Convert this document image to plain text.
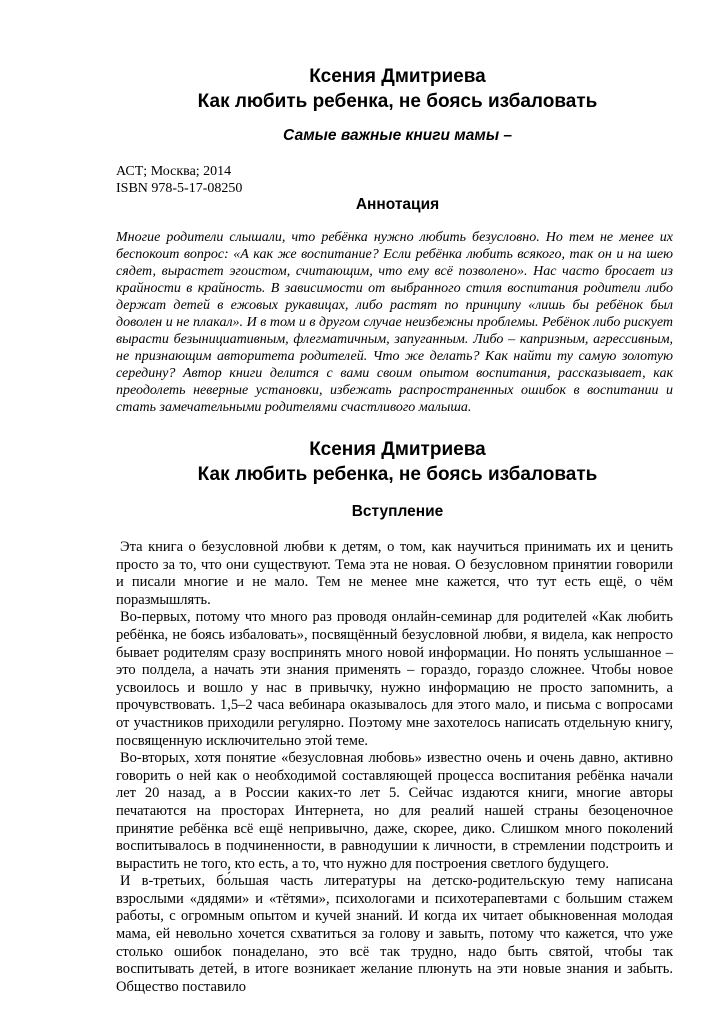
Ксения Дмитриева
Как любить ребенка, не боясь избаловать
Самые важные книги мамы –
АСТ; Москва; 2014
ISBN 978-5-17-08250
Аннотация
Многие родители слышали, что ребёнка нужно любить безусловно. Но тем не менее их беспокоит вопрос: «А как же воспитание? Если ребёнка любить всякого, так он и на шею сядет, вырастет эгоистом, считающим, что ему всё позволено». Нас часто бросает из крайности в крайность. В зависимости от выбранного стиля воспитания родители либо держат детей в ежовых рукавицах, либо растят по принципу «лишь бы ребёнок был доволен и не плакал». И в том и в другом случае неизбежны проблемы. Ребёнок либо рискует вырасти безынициативным, флегматичным, запуганным. Либо – капризным, агрессивным, не признающим авторитета родителей. Что же делать? Как найти ту самую золотую середину? Автор книги делится с вами своим опытом воспитания, рассказывает, как преодолеть неверные установки, избежать распространенных ошибок в воспитании и стать замечательными родителями счастливого малыша.
Ксения Дмитриева
Как любить ребенка, не боясь избаловать
Вступление

Эта книга о безусловной любви к детям, о том, как научиться принимать их и ценить просто за то, что они существуют. Тема эта не новая. О безусловном принятии говорили и писали многие и не мало. Тем не менее мне кажется, что тут есть ещё, о чём поразмышлять.

Во-первых, потому что много раз проводя онлайн-семинар для родителей «Как любить ребёнка, не боясь избаловать», посвящённый безусловной любви, я видела, как непросто бывает родителям сразу воспринять много новой информации. Но понять услышанное – это полдела, а начать эти знания применять – гораздо, гораздо сложнее. Чтобы новое усвоилось и вошло у нас в привычку, нужно информацию не просто запомнить, а прочувствовать. 1,5–2 часа вебинара оказывалось для этого мало, и письма с вопросами от участников приходили регулярно. Поэтому мне захотелось написать отдельную книгу, посвященную исключительно этой теме.

Во-вторых, хотя понятие «безусловная любовь» известно очень и очень давно, активно говорить о ней как о необходимой составляющей процесса воспитания ребёнка начали лет 20 назад, а в России каких-то лет 5. Сейчас издаются книги, многие авторы печатаются на просторах Интернета, но для реалий нашей страны безоценочное принятие ребёнка всё ещё непривычно, даже, скорее, дико. Слишком много поколений воспитывалось в подчиненности, в равнодушии к личности, в стремлении подстроить и вырастить не того, кто есть, а то, что нужно для построения светлого будущего.

И в-третьих, бо́льшая часть литературы на детско-родительскую тему написана взрослыми «дядями» и «тётями», психологами и психотерапевтами с большим стажем работы, с огромным опытом и кучей знаний. И когда их читает обыкновенная молодая мама, ей невольно хочется схватиться за голову и завыть, потому что кажется, что уже столько ошибок понаделано, это всё так трудно, надо быть святой, чтобы так воспитывать детей, в итоге возникает желание плюнуть на эти новые знания и забыть. Общество поставило
